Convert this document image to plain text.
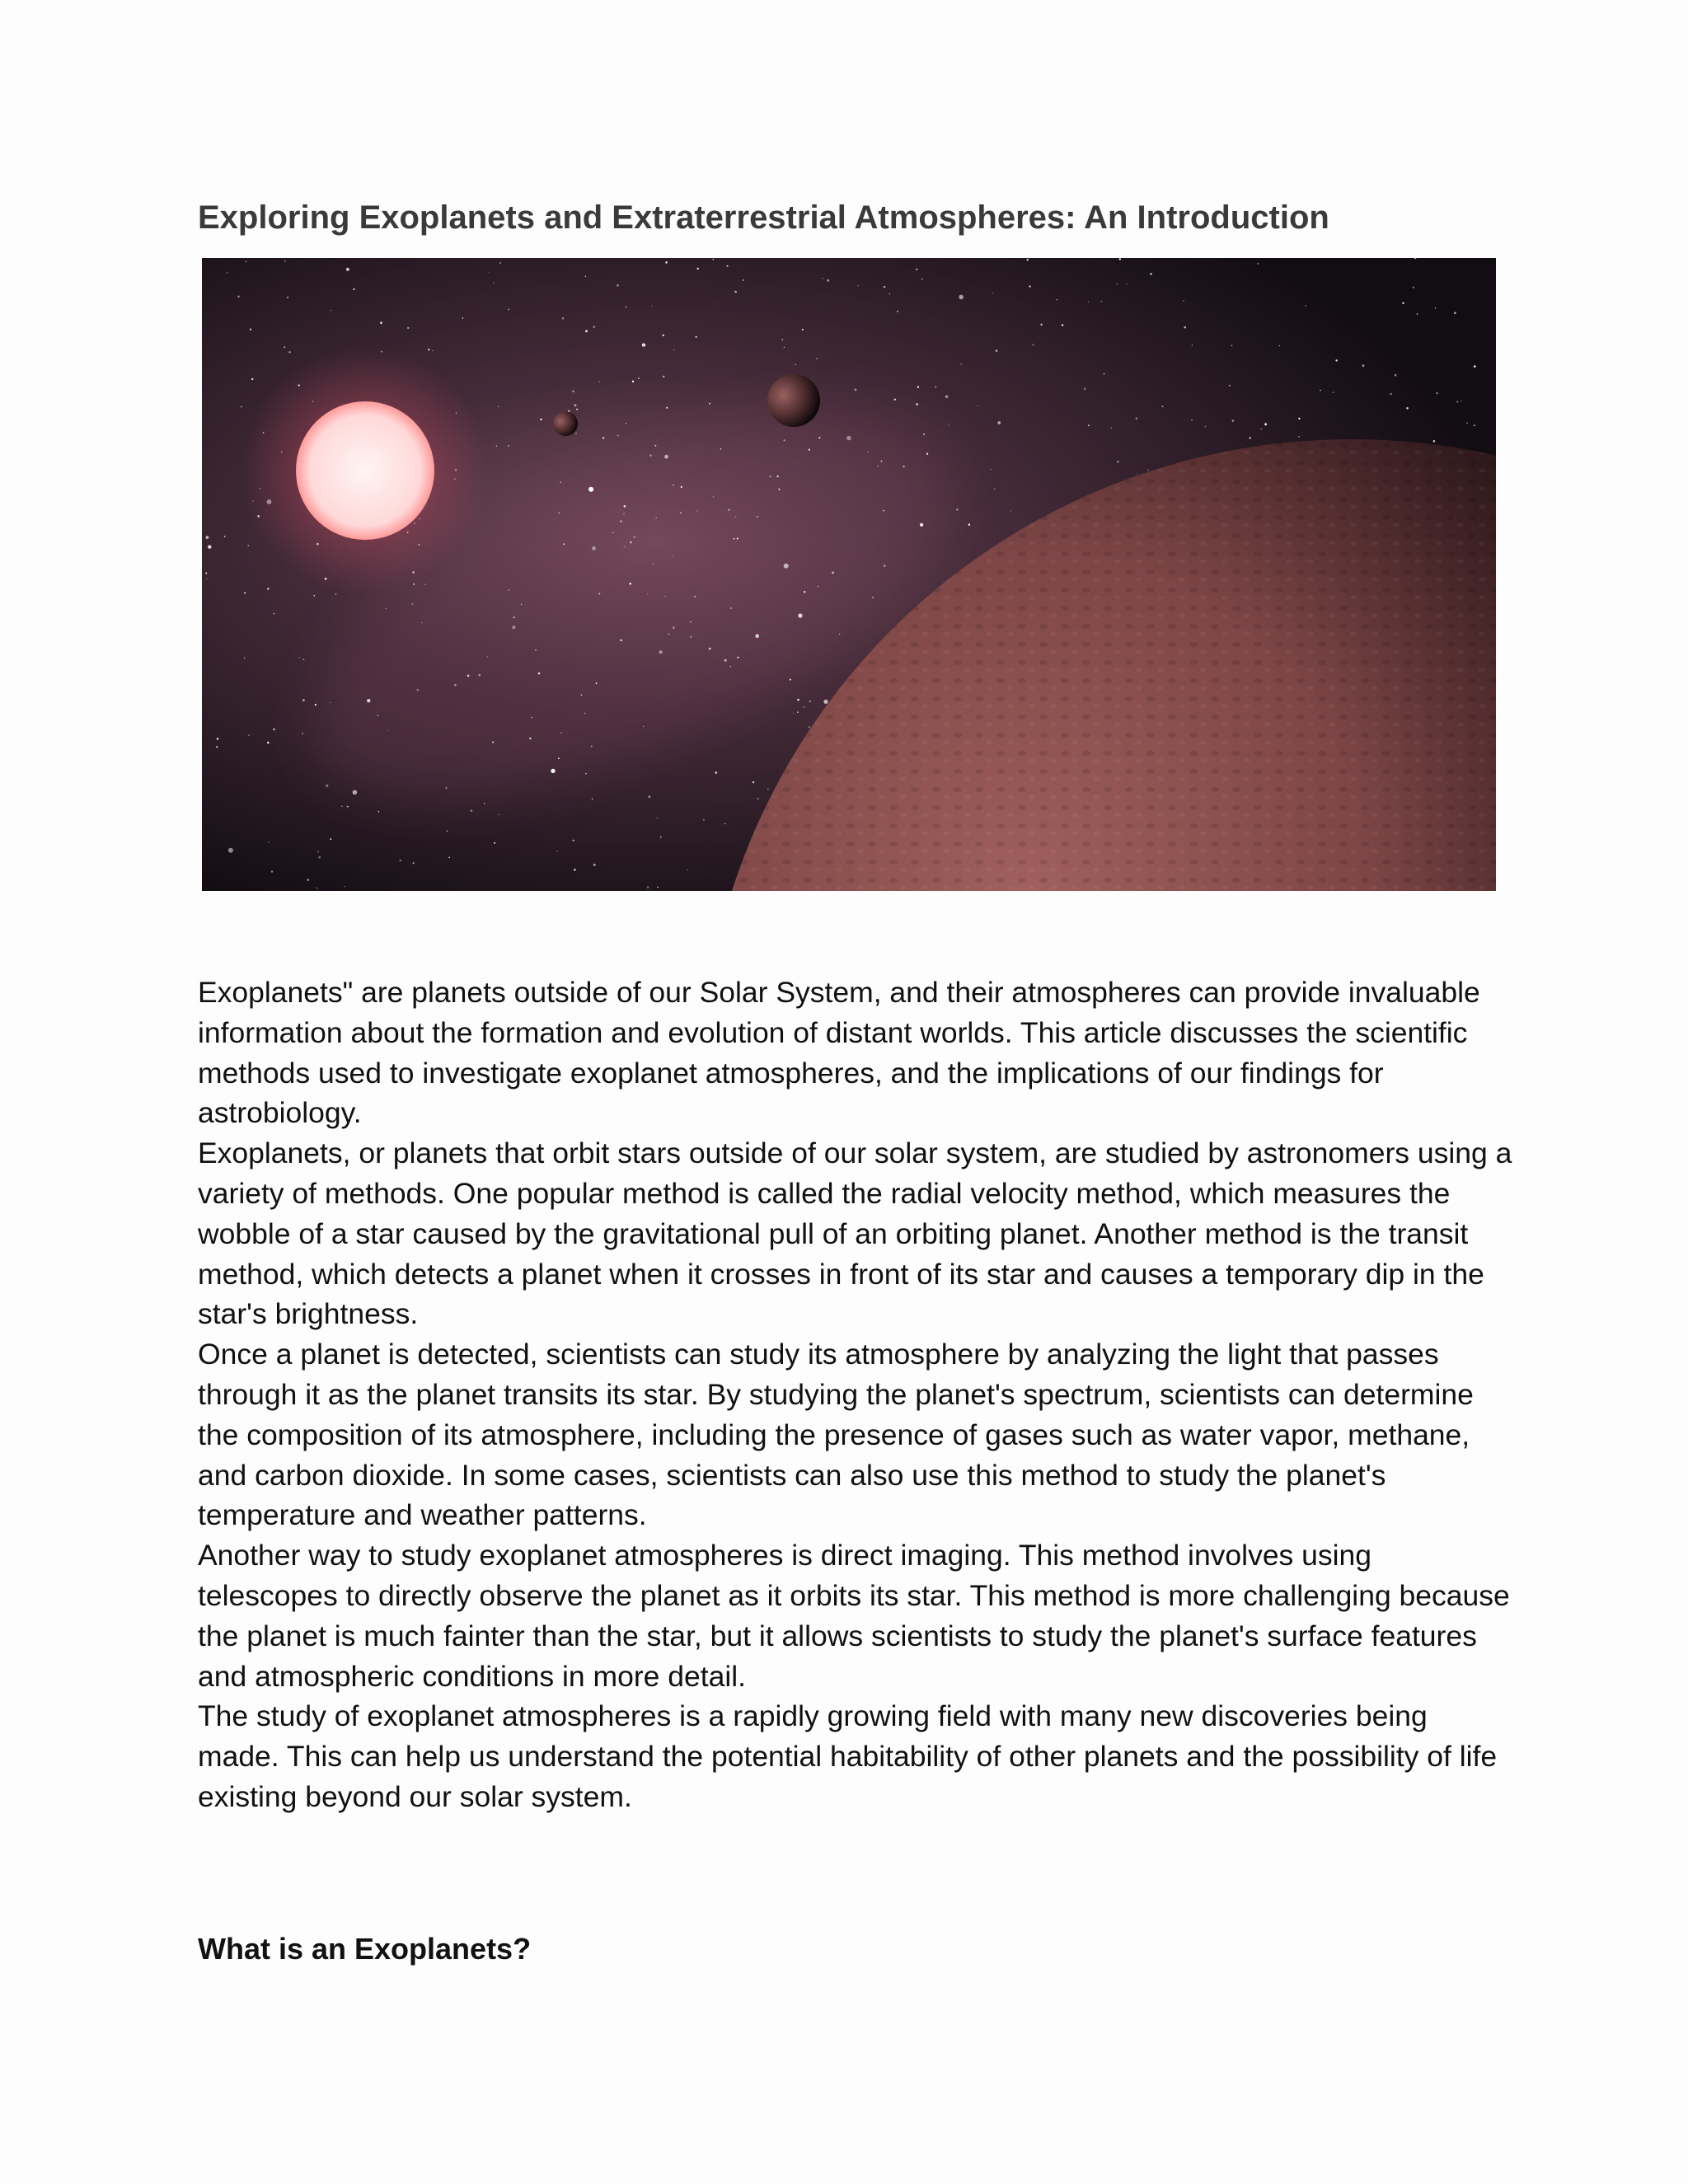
Exploring Exoplanets and Extraterrestrial Atmospheres: An Introduction

Exoplanets" are planets outside of our Solar System, and their atmospheres can provide invaluable information about the formation and evolution of distant worlds. This article discusses the scientific methods used to investigate exoplanet atmospheres, and the implications of our findings for astrobiology.

Exoplanets, or planets that orbit stars outside of our solar system, are studied by astronomers using a variety of methods. One popular method is called the radial velocity method, which measures the wobble of a star caused by the gravitational pull of an orbiting planet. Another method is the transit method, which detects a planet when it crosses in front of its star and causes a temporary dip in the star's brightness.

Once a planet is detected, scientists can study its atmosphere by analyzing the light that passes through it as the planet transits its star. By studying the planet's spectrum, scientists can determine the composition of its atmosphere, including the presence of gases such as water vapor, methane, and carbon dioxide. In some cases, scientists can also use this method to study the planet's temperature and weather patterns.

Another way to study exoplanet atmospheres is direct imaging. This method involves using telescopes to directly observe the planet as it orbits its star. This method is more challenging because the planet is much fainter than the star, but it allows scientists to study the planet's surface features and atmospheric conditions in more detail.

The study of exoplanet atmospheres is a rapidly growing field with many new discoveries being made. This can help us understand the potential habitability of other planets and the possibility of life existing beyond our solar system.

What is an Exoplanets?
